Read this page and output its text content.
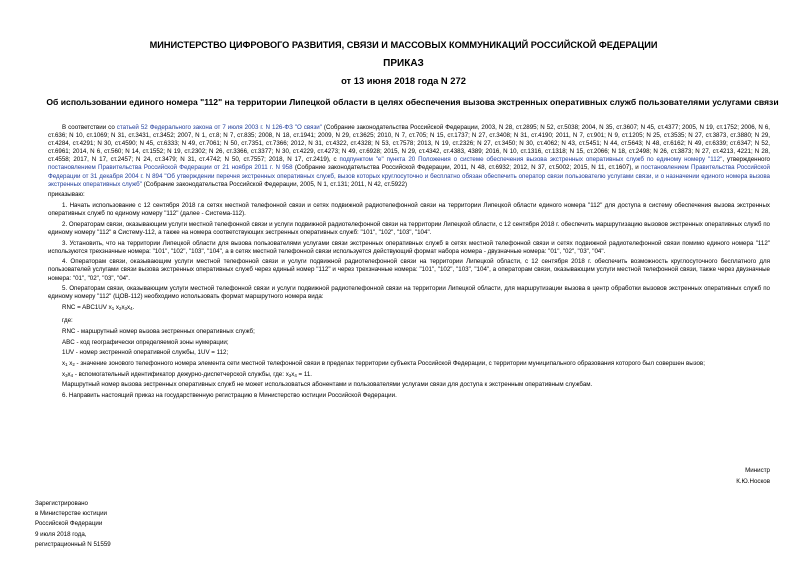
МИНИСТЕРСТВО ЦИФРОВОГО РАЗВИТИЯ, СВЯЗИ И МАССОВЫХ КОММУНИКАЦИЙ РОССИЙСКОЙ ФЕДЕРАЦИИ
ПРИКАЗ
от 13 июня 2018 года N 272
Об использовании единого номера "112" на территории Липецкой области в целях обеспечения вызова экстренных оперативных служб пользователями услугами связи

В соответствии со статьей 52 Федерального закона от 7 июля 2003 г. N 126-ФЗ "О связи" (Собрание законодательства Российской Федерации, 2003, N 28, ст.2895; N 52, ст.5038; 2004, N 35, ст.3607; N 45, ст.4377; 2005, N 19, ст.1752; 2006, N 6, ст.636; N 10, ст.1069; N 31, ст.3431, ст.3452; 2007, N 1, ст.8; N 7, ст.835; 2008, N 18, ст.1941; 2009, N 29, ст.3625; 2010, N 7, ст.705; N 15, ст.1737; N 27, ст.3408; N 31, ст.4190; 2011, N 7, ст.901; N 9, ст.1205; N 25, ст.3535; N 27, ст.3873, ст.3880; N 29, ст.4284, ст.4291; N 30, ст.4590; N 45, ст.6333; N 49, ст.7061; N 50, ст.7351, ст.7366; 2012, N 31, ст.4322, ст.4328; N 53, ст.7578; 2013, N 19, ст.2326; N 27, ст.3450; N 30, ст.4062; N 43, ст.5451; N 44, ст.5643; N 48, ст.6162; N 49, ст.6339; ст.6347; N 52, ст.6961; 2014, N 6, ст.560; N 14, ст.1552; N 19, ст.2302; N 26, ст.3366, ст.3377; N 30, ст.4229, ст.4273; N 49, ст.6928; 2015, N 29, ст.4342, ст.4383, 4389; 2016, N 10, ст.1316, ст.1318; N 15, ст.2066; N 18, ст.2498; N 26, ст.3873; N 27, ст.4213, 4221; N 28, ст.4558; 2017, N 17, ст.2457; N 24, ст.3479; N 31, ст.4742; N 50, ст.7557; 2018, N 17, ст.2419), с подпунктом "е" пункта 20 Положения о системе обеспечения вызова экстренных оперативных служб по единому номеру "112", утвержденного постановлением Правительства Российской Федерации от 21 ноября 2011 г. N 958 (Собрание законодательства Российской Федерации, 2011, N 48, ст.6932; 2012, N 37, ст.5002; 2015, N 11, ст.1607), и постановлением Правительства Российской Федерации от 31 декабря 2004 г. N 894 "Об утверждении перечня экстренных оперативных служб, вызов которых круглосуточно и бесплатно обязан обеспечить оператор связи пользователю услугами связи, и о назначении единого номера вызова экстренных оперативных служб" (Собрание законодательства Российской Федерации, 2005, N 1, ст.131; 2011, N 42, ст.5922)

приказываю:

1. Начать использование с 12 сентября 2018 г.в сетях местной телефонной связи и сетях подвижной радиотелефонной связи на территории Липецкой области единого номера "112" для доступа в систему обеспечения вызова экстренных оперативных служб по единому номеру "112" (далее - Система-112).

2. Операторам связи, оказывающим услуги местной телефонной связи и услуги подвижной радиотелефонной связи на территории Липецкой области, с 12 сентября 2018 г. обеспечить маршрутизацию вызовов экстренных оперативных служб по единому номеру "112" в Систему-112, а также на номера соответствующих экстренных оперативных служб: "101", "102", "103", "104".

3. Установить, что на территории Липецкой области для вызова пользователями услугами связи экстренных оперативных служб в сетях местной телефонной связи и сетях подвижной радиотелефонной связи помимо единого номера "112" используются трехзначные номера: "101", "102", "103", "104", а в сетях местной телефонной связи используется действующий формат набора номера - двузначные номера: "01", "02", "03", "04".

4. Операторам связи, оказывающим услуги местной телефонной связи и услуги подвижной радиотелефонной связи на территории Липецкой области, с 12 сентября 2018 г. обеспечить возможность круглосуточного бесплатного для пользователей услугами связи вызова экстренных оперативных служб через единый номер "112" и через трехзначные номера: "101", "102", "103", "104", а операторам связи, оказывающим услуги местной телефонной связи, также через двузначные номера: "01", "02", "03", "04".

5. Операторам связи, оказывающим услуги местной телефонной связи и услуги подвижной радиотелефонной связи на территории Липецкой области, для маршрутизации вызова в центр обработки вызовов экстренных оперативных служб по единому номеру "112" (ЦОВ-112) необходимо использовать формат маршрутного номера вида:

RNC = ABC1UV $x_1$ $x_2x_3x_4$.

где:

RNC - маршрутный номер вызова экстренных оперативных служб;

ABC - код географически определяемой зоны нумерации;

1UV - номер экстренной оперативной службы, 1UV = 112;

$x_1$ $x_2$ - значение зонового телефонного номера элемента сети местной телефонной связи в пределах территории субъекта Российской Федерации, с территории муниципального образования которого был совершен вызов;

$x_3x_4$ - вспомогательный идентификатор дежурно-диспетчерской службы, где: $x_3x_4 = 11$.

Маршрутный номер вызова экстренных оперативных служб не может использоваться абонентами и пользователями услугами связи для доступа к экстренным оперативным службам.

6. Направить настоящий приказ на государственную регистрацию в Министерство юстиции Российской Федерации.

Министр
К.Ю.Носков
Зарегистрировано
в Министерстве юстиции
Российской Федерации
9 июля 2018 года,
регистрационный N 51559
